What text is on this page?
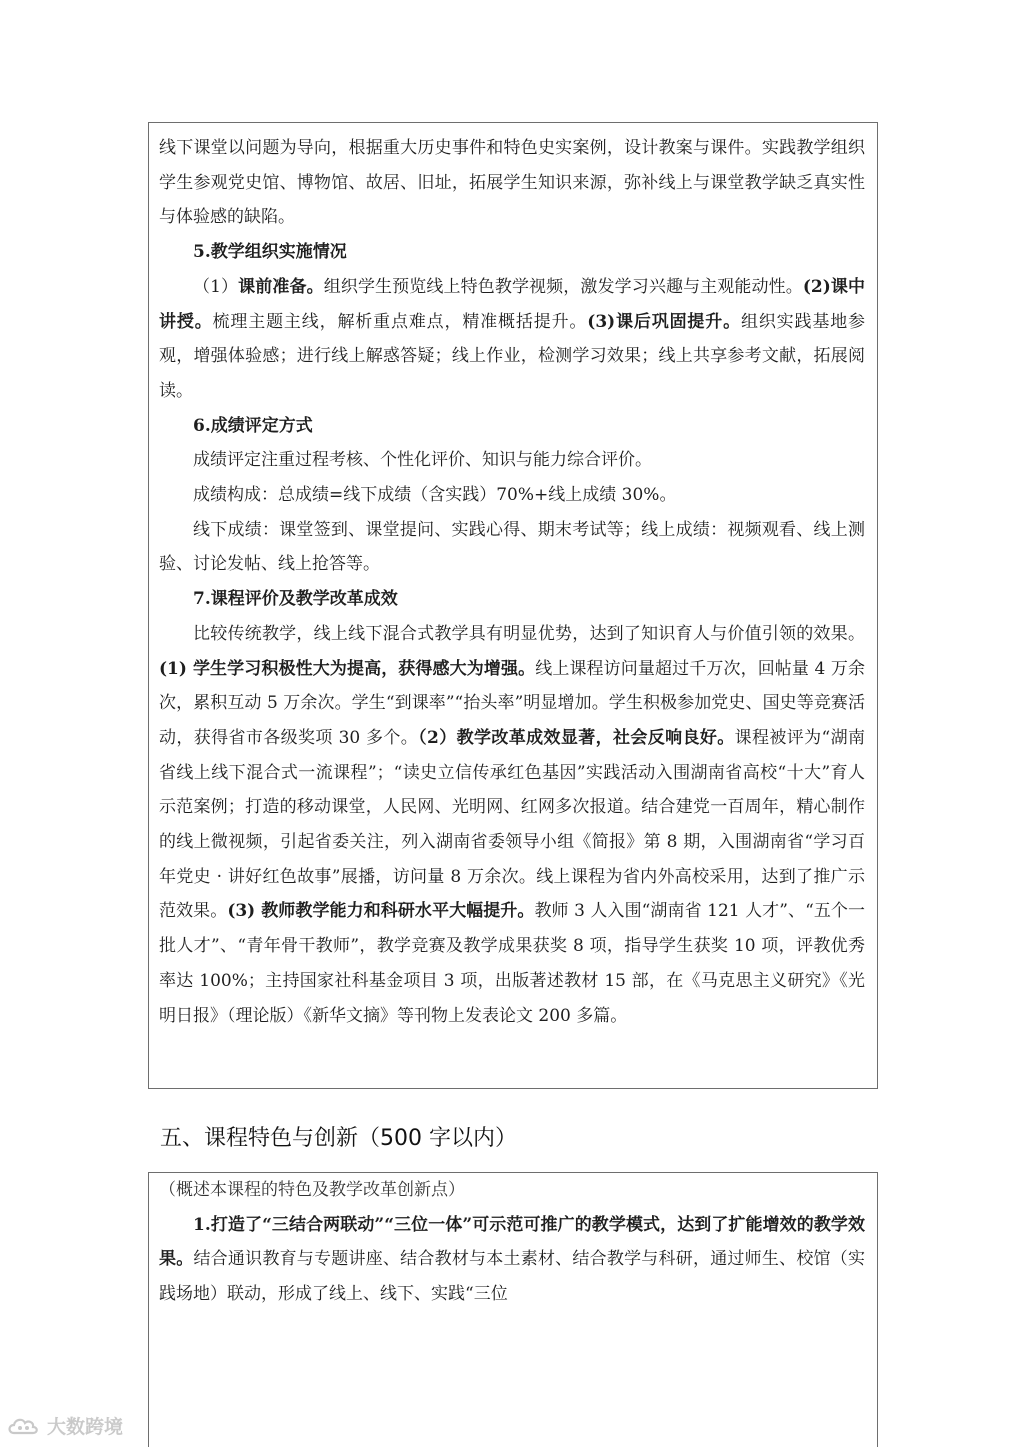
线下课堂以问题为导向，根据重大历史事件和特色史实案例，设计教案与课件。实践教学组织学生参观党史馆、博物馆、故居、旧址，拓展学生知识来源，弥补线上与课堂教学缺乏真实性与体验感的缺陷。

5.教学组织实施情况

（1）课前准备。组织学生预览线上特色教学视频，激发学习兴趣与主观能动性。(2)课中讲授。梳理主题主线，解析重点难点，精准概括提升。(3)课后巩固提升。组织实践基地参观，增强体验感；进行线上解惑答疑；线上作业，检测学习效果；线上共享参考文献，拓展阅读。

6.成绩评定方式

成绩评定注重过程考核、个性化评价、知识与能力综合评价。

成绩构成：总成绩=线下成绩（含实践）70%+线上成绩 30%。

线下成绩：课堂签到、课堂提问、实践心得、期末考试等；线上成绩：视频观看、线上测验、讨论发帖、线上抢答等。

7.课程评价及教学改革成效

比较传统教学，线上线下混合式教学具有明显优势，达到了知识育人与价值引领的效果。(1) 学生学习积极性大为提高，获得感大为增强。线上课程访问量超过千万次，回帖量 4 万余次，累积互动 5 万余次。学生“到课率”“抬头率”明显增加。学生积极参加党史、国史等竞赛活动，获得省市各级奖项 30 多个。（2）教学改革成效显著，社会反响良好。课程被评为“湖南省线上线下混合式一流课程”；“读史立信传承红色基因”实践活动入围湖南省高校“十大”育人示范案例；打造的移动课堂，人民网、光明网、红网多次报道。结合建党一百周年，精心制作的线上微视频，引起省委关注，列入湖南省委领导小组《简报》第 8 期，入围湖南省“学习百年党史 · 讲好红色故事”展播，访问量 8 万余次。线上课程为省内外高校采用，达到了推广示范效果。(3) 教师教学能力和科研水平大幅提升。教师 3 人入围“湖南省 121 人才”、“五个一批人才”、“青年骨干教师”，教学竞赛及教学成果获奖 8 项，指导学生获奖 10 项，评教优秀率达 100%；主持国家社科基金项目 3 项，出版著述教材 15 部，在《马克思主义研究》《光明日报》（理论版）《新华文摘》等刊物上发表论文 200 多篇。

五、课程特色与创新（500 字以内）

（概述本课程的特色及教学改革创新点）

1.打造了“三结合两联动”“三位一体”可示范可推广的教学模式，达到了扩能增效的教学效果。结合通识教育与专题讲座、结合教材与本土素材、结合教学与科研，通过师生、校馆（实践场地）联动，形成了线上、线下、实践“三位

大数跨境
